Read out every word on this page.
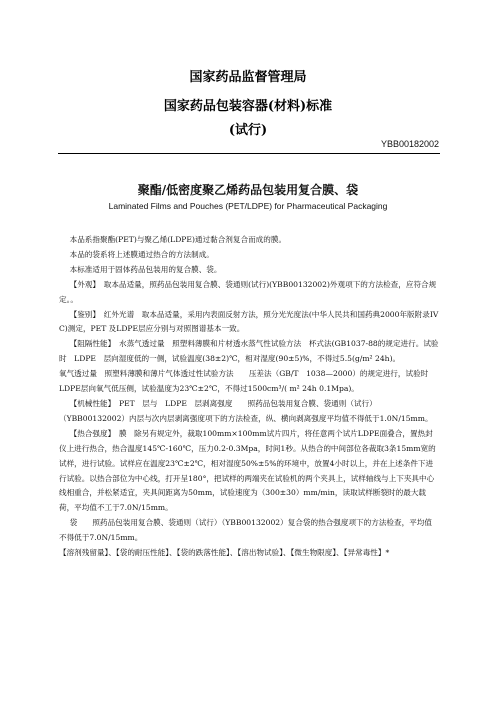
国家药品监督管理局
国家药品包装容器(材料)标准
(试行)
YBB00182002
聚酯/低密度聚乙烯药品包装用复合膜、袋
Laminated Films and Pouches (PET/LDPE) for Pharmaceutical Packaging

本品系指聚酯(PET)与聚乙烯(LDPE)通过黏合剂复合而成的膜。

本品的袋系将上述膜通过热合的方法制成。

本标准适用于固体药品包装用的复合膜、袋。

【外观】　取本品适量，照药品包装用复合膜、袋通则(试行)(YBB00132002)外观项下的方法检查，应符合规定。。

【鉴别】　红外光谱　取本品适量，采用内表面反射方法，照分光光度法(中华人民共和国药典2000年版附录IV C)测定，PET 及LDPE层应分别与对照图谱基本一致。

【阻隔性能】　水蒸气透过量　照塑料薄膜和片材透水蒸气性试验方法　杯式法(GB1037-88的规定进行。试验时　LDPE　层向湿度低的一侧，试验温度(38±2)℃，相对湿度(90±5)%，不得过5.5(g/m² 24h)。

氧气透过量　照塑料薄膜和薄片气体透过性试验方法　　压差法（GB/T　1038—2000）的规定进行，试验时LDPE层向氧气低压侧，试验温度为23℃±2℃，不得过1500cm³/( m² 24h 0.1Mpa)。

【机械性能】　PET　层与　LDPE　层剥离强度　　照药品包装用复合膜、袋通则（试行）（YBB00132002）内层与次内层剥离强度项下的方法检查，纵、横向剥离强度平均值不得低于1.0N/15mm。

【热合强度】　膜　除另有规定外，裁取100mm×100mm试片四片，将任意两个试片LDPE面叠合，置热封仪上进行热合，热合温度145℃-160℃，压力0.2-0.3Mpa，时间1秒。从热合的中间部位各裁取3条15mm宽的试样，进行试验。试样应在温度23℃±2℃，相对湿度50%±5%的环境中，放置4小时以上，并在上述条件下进行试验。以热合部位为中心线，打开呈180°，把试样的两端夹在试验机的两个夹具上，试样轴线与上下夹具中心线相重合，并松紧适宜，夹具间距离为50mm，试验速度为（300±30）mm/min，读取试样断裂时的最大载荷，平均值不工于7.0N/15mm。

袋　　照药品包装用复合膜、袋通则（试行）（YBB00132002）复合袋的热合强度项下的方法检查，平均值不得低于7.0N/15mm。

【溶剂残留量】、【袋的耐压性能】、【袋的跌落性能】、【溶出物试验】、【微生物限度】、【异常毒性】*
